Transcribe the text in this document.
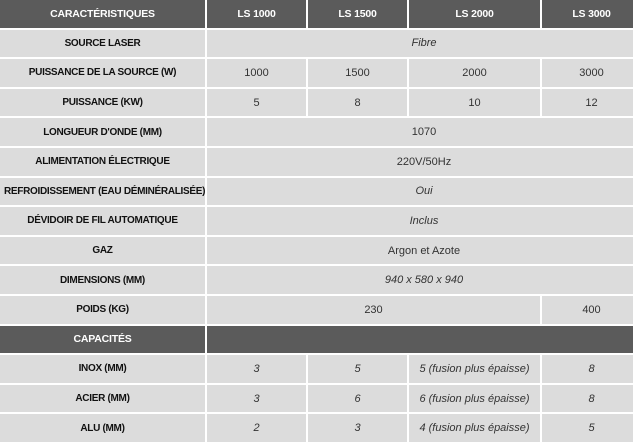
CARACTÉRISTIQUES	LS 1000	LS 1500	LS 2000	LS 3000
SOURCE LASER	Fibre			
PUISSANCE DE LA SOURCE (W)	1000	1500	2000	3000
PUISSANCE (KW)	5	8	10	12
LONGUEUR D'ONDE (MM)	1070			
ALIMENTATION ÉLECTRIQUE	220V/50Hz			
REFROIDISSEMENT (EAU DÉMINÉRALISÉE)	Oui			
DÉVIDOIR DE FIL AUTOMATIQUE	Inclus			
GAZ	Argon et Azote			
DIMENSIONS (MM)	940 x 580 x 940			
POIDS (KG)	230			400
CAPACITÉS				
INOX (MM)	3	5	5 (fusion plus épaisse)	8
ACIER (MM)	3	6	6 (fusion plus épaisse)	8
ALU (MM)	2	3	4 (fusion plus épaisse)	5
